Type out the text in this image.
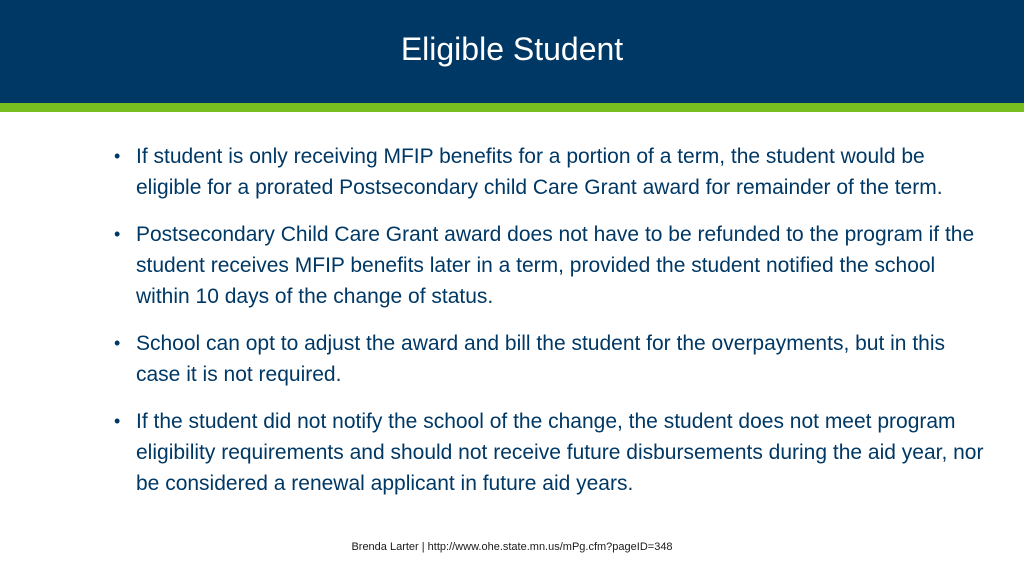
Eligible Student
• If student is only receiving MFIP benefits for a portion of a term, the student would be eligible for a prorated Postsecondary child Care Grant award for remainder of the term.
• Postsecondary Child Care Grant award does not have to be refunded to the program if the student receives MFIP benefits later in a term, provided the student notified the school within 10 days of the change of status.
• School can opt to adjust the award and bill the student for the overpayments, but in this case it is not required.
• If the student did not notify the school of the change, the student does not meet program eligibility requirements and should not receive future disbursements during the aid year, nor be considered a renewal applicant in future aid years.
Brenda Larter | http://www.ohe.state.mn.us/mPg.cfm?pageID=348
